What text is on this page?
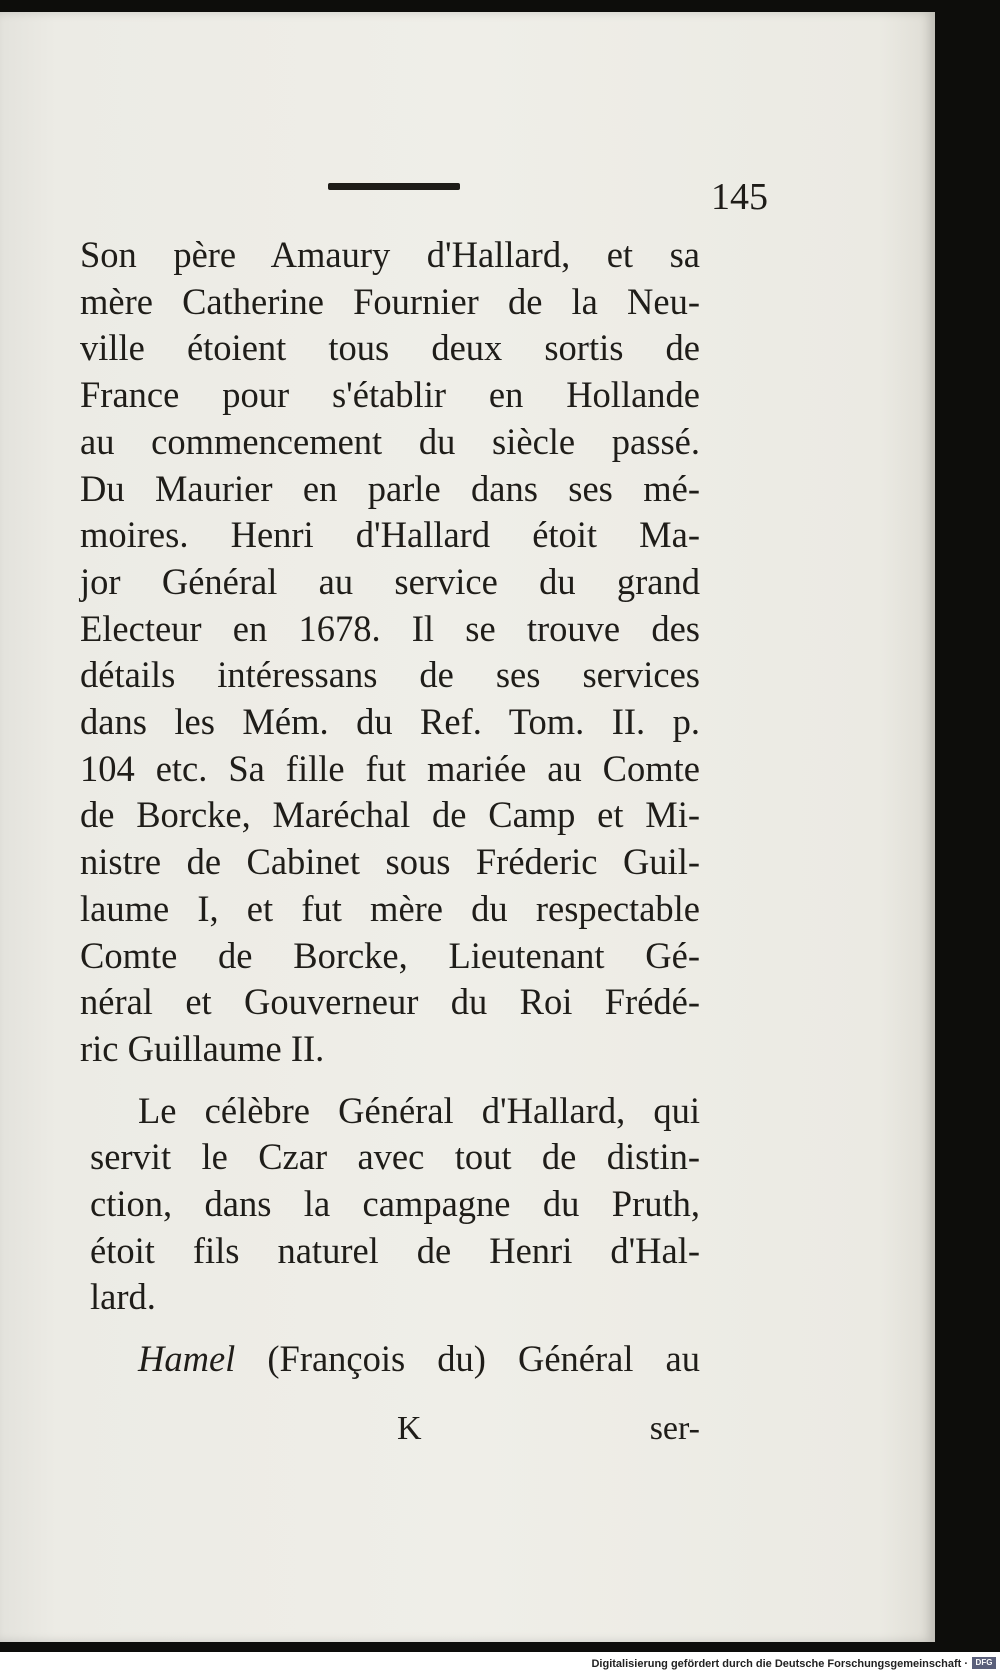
145
Son père Amaury d'Hallard, et sa
mère Catherine Fournier de la Neu-
ville étoient tous deux sortis de
France pour s'établir en Hollande
au commencement du siècle passé.
Du Maurier en parle dans ses mé-
moires. Henri d'Hallard étoit Ma-
jor Général au service du grand
Electeur en 1678. Il se trouve des
détails intéressans de ses services
dans les Mém. du Ref. Tom. II. p.
104 etc. Sa fille fut mariée au Comte
de Borcke, Maréchal de Camp et Mi-
nistre de Cabinet sous Fréderic Guil-
laume I, et fut mère du respectable
Comte de Borcke, Lieutenant Gé-
néral et Gouverneur du Roi Frédé-
ric Guillaume II.
Le célèbre Général d'Hallard, qui
servit le Czar avec tout de distin-
ction, dans la campagne du Pruth,
étoit fils naturel de Henri d'Hal-
lard.
Hamel (François du) Général au
K	ser-
Digitalisierung gefördert durch die Deutsche Forschungsgemeinschaft · DFG
